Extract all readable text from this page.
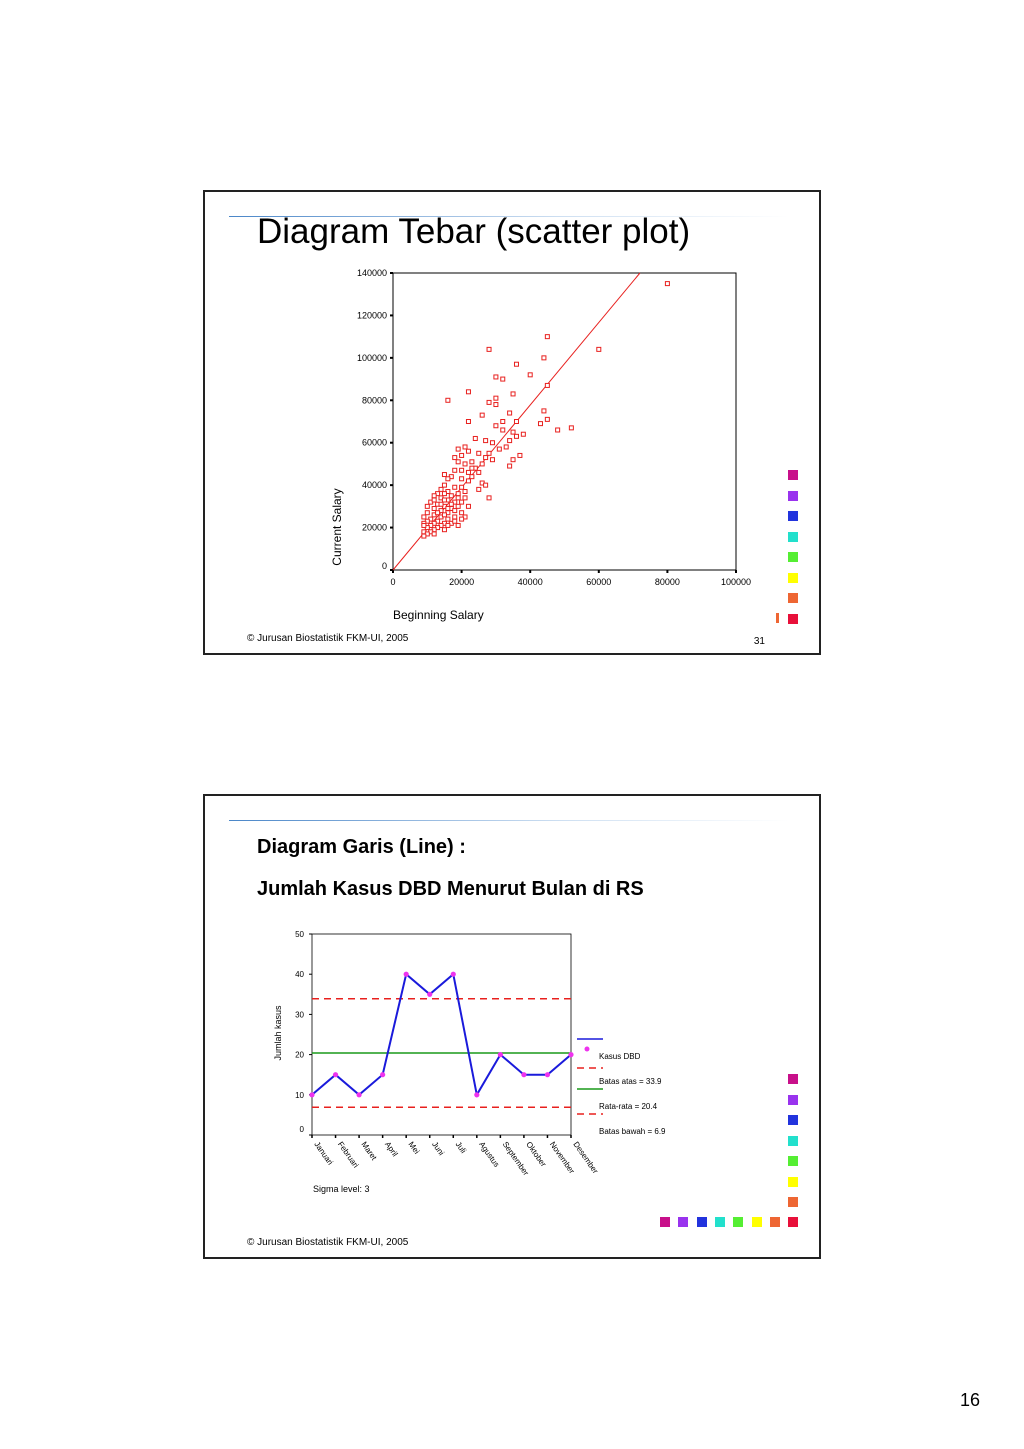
Diagram Tebar (scatter plot)
0	20000	40000	60000	80000	100000
0
20000
40000
60000
80000
100000
120000
140000
Beginning Salary
Current Salary
© Jurusan Biostatistik FKM-UI, 2005	31
Diagram Garis (Line) :
Jumlah Kasus DBD Menurut Bulan di RS
0
10
20
30
40
50
Jumlah kasus
Januari Februari Maret April Mei Juni Juli Agustus September
Oktober November
Desember
Kasus DBD
Batas atas = 33.9
Rata-rata = 20.4
Batas bawah = 6.9
Sigma level: 3
© Jurusan Biostatistik FKM-UI, 2005
16
